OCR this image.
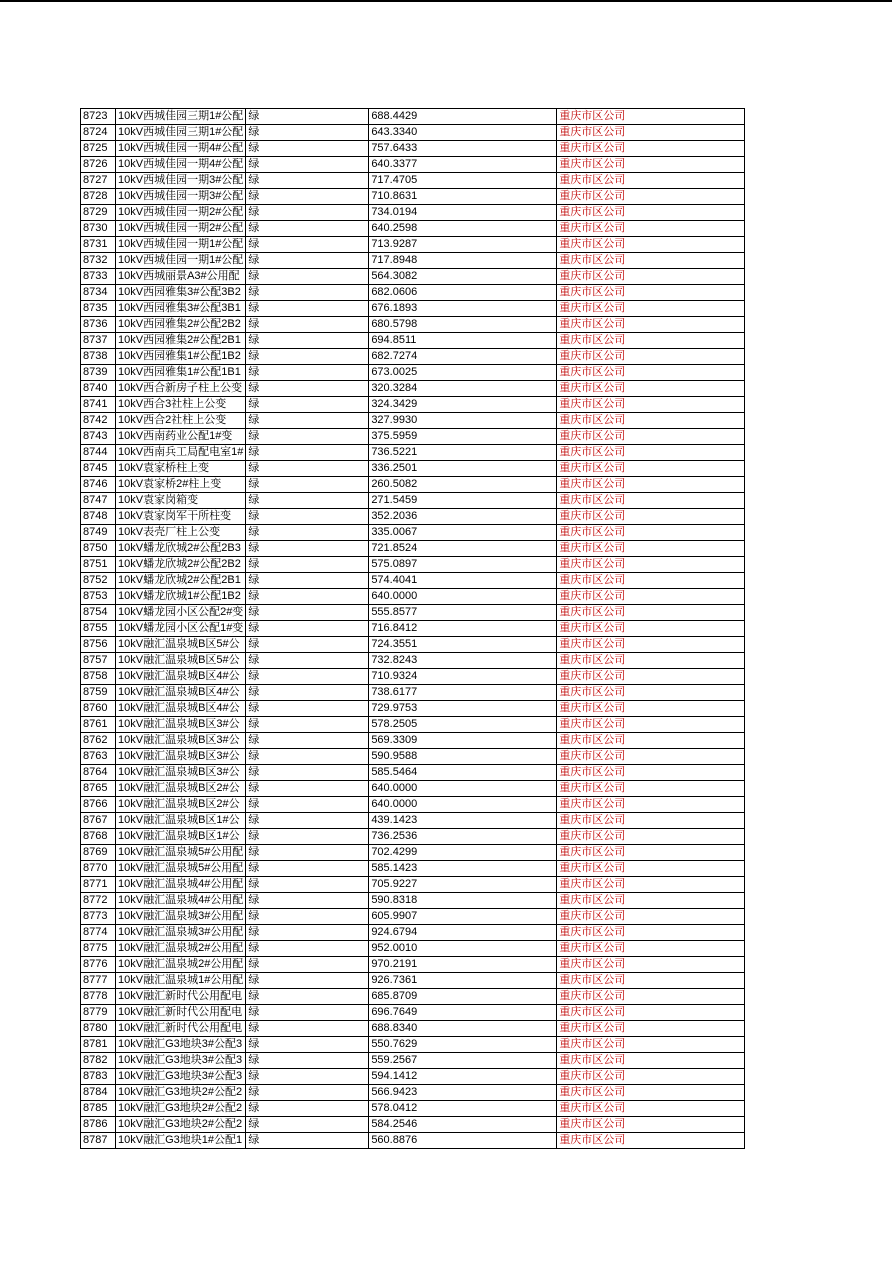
8723	10kV西城佳园三期1#公配	绿	688.4429	重庆市区公司
8724	10kV西城佳园三期1#公配	绿	643.3340	重庆市区公司
8725	10kV西城佳园一期4#公配	绿	757.6433	重庆市区公司
8726	10kV西城佳园一期4#公配	绿	640.3377	重庆市区公司
8727	10kV西城佳园一期3#公配	绿	717.4705	重庆市区公司
8728	10kV西城佳园一期3#公配	绿	710.8631	重庆市区公司
8729	10kV西城佳园一期2#公配	绿	734.0194	重庆市区公司
8730	10kV西城佳园一期2#公配	绿	640.2598	重庆市区公司
8731	10kV西城佳园一期1#公配	绿	713.9287	重庆市区公司
8732	10kV西城佳园一期1#公配	绿	717.8948	重庆市区公司
8733	10kV西城丽景A3#公用配	绿	564.3082	重庆市区公司
8734	10kV西园雅集3#公配3B2	绿	682.0606	重庆市区公司
8735	10kV西园雅集3#公配3B1	绿	676.1893	重庆市区公司
8736	10kV西园雅集2#公配2B2	绿	680.5798	重庆市区公司
8737	10kV西园雅集2#公配2B1	绿	694.8511	重庆市区公司
8738	10kV西园雅集1#公配1B2	绿	682.7274	重庆市区公司
8739	10kV西园雅集1#公配1B1	绿	673.0025	重庆市区公司
8740	10kV西合新房子柱上公变	绿	320.3284	重庆市区公司
8741	10kV西合3社柱上公变	绿	324.3429	重庆市区公司
8742	10kV西合2社柱上公变	绿	327.9930	重庆市区公司
8743	10kV西南药业公配1#变	绿	375.5959	重庆市区公司
8744	10kV西南兵工局配电室1#	绿	736.5221	重庆市区公司
8745	10kV袁家桥柱上变	绿	336.2501	重庆市区公司
8746	10kV袁家桥2#柱上变	绿	260.5082	重庆市区公司
8747	10kV袁家岗箱变	绿	271.5459	重庆市区公司
8748	10kV袁家岗军干所柱变	绿	352.2036	重庆市区公司
8749	10kV表壳厂柱上公变	绿	335.0067	重庆市区公司
8750	10kV蟠龙欣城2#公配2B3	绿	721.8524	重庆市区公司
8751	10kV蟠龙欣城2#公配2B2	绿	575.0897	重庆市区公司
8752	10kV蟠龙欣城2#公配2B1	绿	574.4041	重庆市区公司
8753	10kV蟠龙欣城1#公配1B2	绿	640.0000	重庆市区公司
8754	10kV蟠龙园小区公配2#变	绿	555.8577	重庆市区公司
8755	10kV蟠龙园小区公配1#变	绿	716.8412	重庆市区公司
8756	10kV融汇温泉城B区5#公	绿	724.3551	重庆市区公司
8757	10kV融汇温泉城B区5#公	绿	732.8243	重庆市区公司
8758	10kV融汇温泉城B区4#公	绿	710.9324	重庆市区公司
8759	10kV融汇温泉城B区4#公	绿	738.6177	重庆市区公司
8760	10kV融汇温泉城B区4#公	绿	729.9753	重庆市区公司
8761	10kV融汇温泉城B区3#公	绿	578.2505	重庆市区公司
8762	10kV融汇温泉城B区3#公	绿	569.3309	重庆市区公司
8763	10kV融汇温泉城B区3#公	绿	590.9588	重庆市区公司
8764	10kV融汇温泉城B区3#公	绿	585.5464	重庆市区公司
8765	10kV融汇温泉城B区2#公	绿	640.0000	重庆市区公司
8766	10kV融汇温泉城B区2#公	绿	640.0000	重庆市区公司
8767	10kV融汇温泉城B区1#公	绿	439.1423	重庆市区公司
8768	10kV融汇温泉城B区1#公	绿	736.2536	重庆市区公司
8769	10kV融汇温泉城5#公用配	绿	702.4299	重庆市区公司
8770	10kV融汇温泉城5#公用配	绿	585.1423	重庆市区公司
8771	10kV融汇温泉城4#公用配	绿	705.9227	重庆市区公司
8772	10kV融汇温泉城4#公用配	绿	590.8318	重庆市区公司
8773	10kV融汇温泉城3#公用配	绿	605.9907	重庆市区公司
8774	10kV融汇温泉城3#公用配	绿	924.6794	重庆市区公司
8775	10kV融汇温泉城2#公用配	绿	952.0010	重庆市区公司
8776	10kV融汇温泉城2#公用配	绿	970.2191	重庆市区公司
8777	10kV融汇温泉城1#公用配	绿	926.7361	重庆市区公司
8778	10kV融汇新时代公用配电	绿	685.8709	重庆市区公司
8779	10kV融汇新时代公用配电	绿	696.7649	重庆市区公司
8780	10kV融汇新时代公用配电	绿	688.8340	重庆市区公司
8781	10kV融汇G3地块3#公配3	绿	550.7629	重庆市区公司
8782	10kV融汇G3地块3#公配3	绿	559.2567	重庆市区公司
8783	10kV融汇G3地块3#公配3	绿	594.1412	重庆市区公司
8784	10kV融汇G3地块2#公配2	绿	566.9423	重庆市区公司
8785	10kV融汇G3地块2#公配2	绿	578.0412	重庆市区公司
8786	10kV融汇G3地块2#公配2	绿	584.2546	重庆市区公司
8787	10kV融汇G3地块1#公配1	绿	560.8876	重庆市区公司
